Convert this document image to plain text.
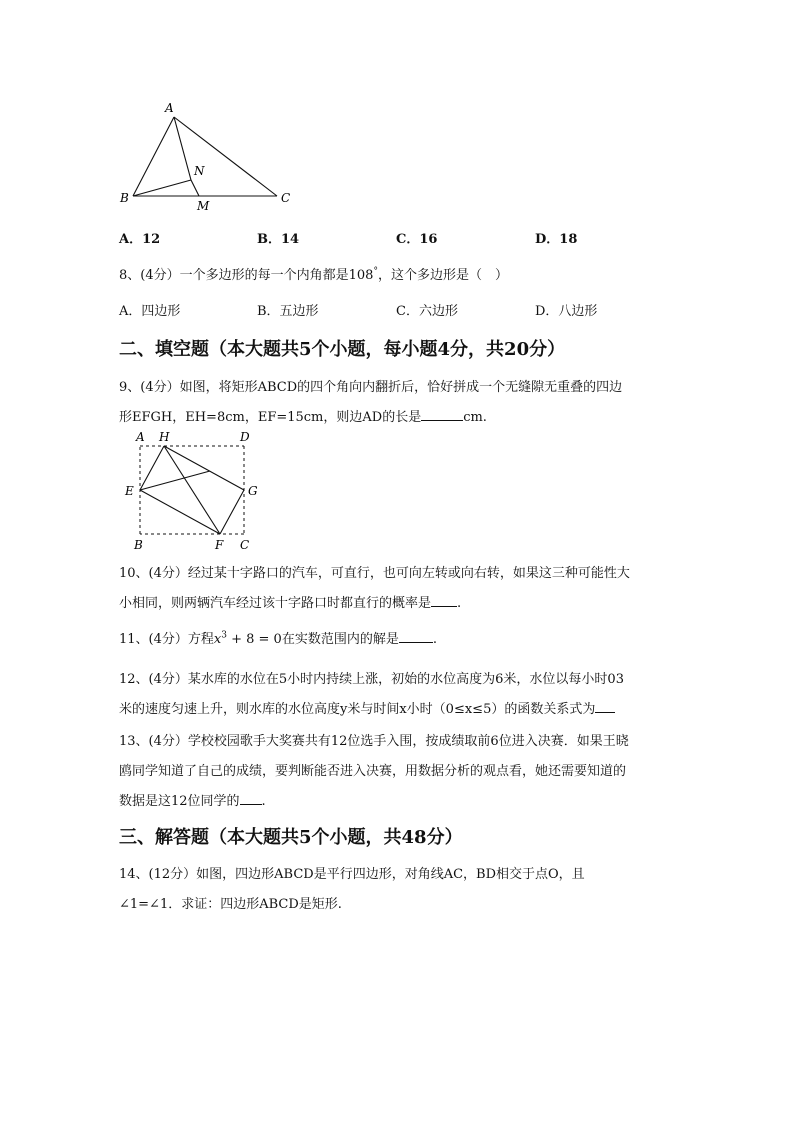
A
N
B
M
C
A．12	B．14	C．16	D．18
8、(4分）一个多边形的每一个内角都是108°，这个多边形是（　）
A．四边形	B．五边形	C．六边形	D．八边形
二、填空题（本大题共5个小题，每小题4分，共20分）
9、(4分）如图，将矩形ABCD的四个角向内翻折后，恰好拼成一个无缝隙无重叠的四边
形EFGH，EH=8cm，EF=15cm，则边AD的长是	cm.
A H	D
E	G
B	F C
10、(4分）经过某十字路口的汽车，可直行，也可向左转或向右转，如果这三种可能性大
小相同，则两辆汽车经过该十字路口时都直行的概率是 .
11、(4分）方程$x^3 + 8 = 0$在实数范围内的解是	.
12、(4分）某水库的水位在5小时内持续上涨，初始的水位高度为6米，水位以每小时03
米的速度匀速上升，则水库的水位高度y米与时间x小时（0≤x≤5）的函数关系式为
13、(4分）学校校园歌手大奖赛共有12位选手入围，按成绩取前6位进入决赛．如果王晓
鸥同学知道了自己的成绩，要判断能否进入决赛，用数据分析的观点看，她还需要知道的
数据是这12位同学的 .
三、解答题（本大题共5个小题，共48分）
14、(12分）如图，四边形ABCD是平行四边形，对角线AC，BD相交于点O，且
∠1=∠1．求证：四边形ABCD是矩形.
